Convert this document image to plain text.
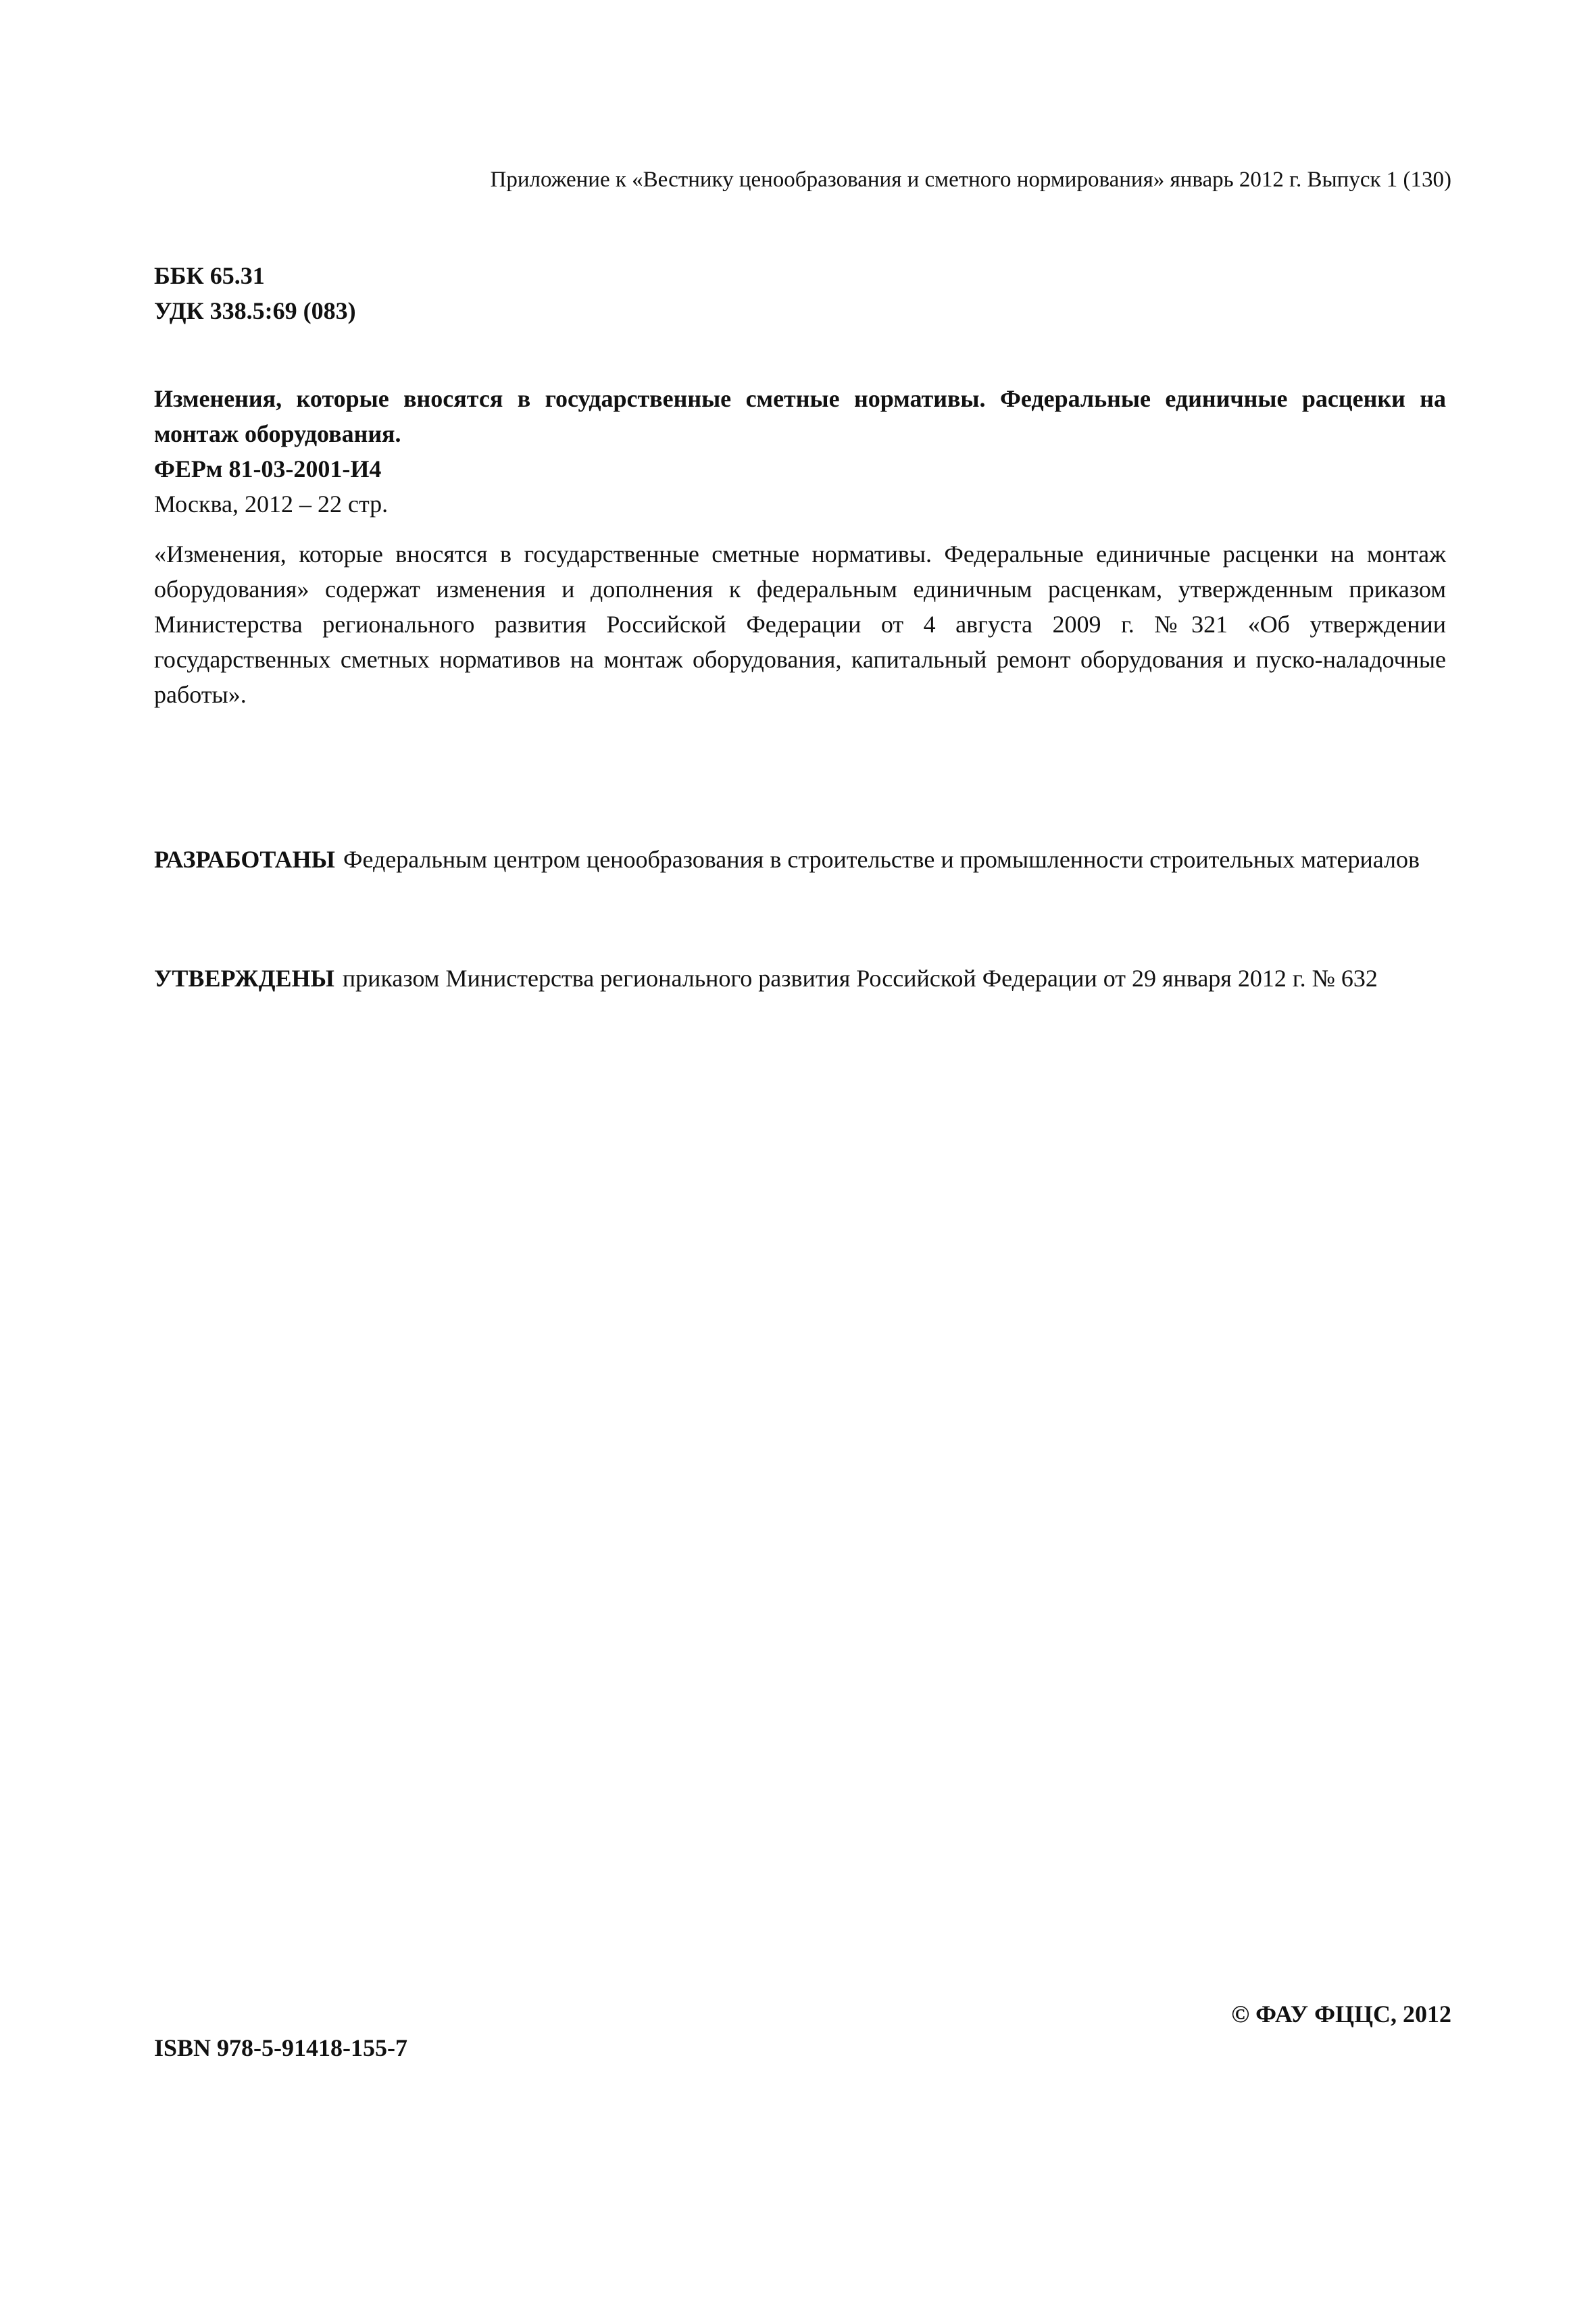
Приложение к «Вестнику ценообразования и сметного нормирования» январь 2012 г. Выпуск 1 (130)
ББК 65.31
УДК 338.5:69 (083)
Изменения, которые вносятся в государственные сметные нормативы. Федеральные единичные расценки на монтаж оборудования.
ФЕРм 81-03-2001-И4
Москва, 2012 – 22 стр.
«Изменения, которые вносятся в государственные сметные нормативы. Федеральные единичные расценки на монтаж оборудования» содержат изменения и дополнения к федеральным единичным расценкам, утвержденным приказом Министерства регионального развития Российской Федерации от 4 августа 2009 г. №321 «Об утверждении государственных сметных нормативов на монтаж оборудования, капитальный ремонт оборудования и пуско-наладочные работы».
РАЗРАБОТАНЫ Федеральным центром ценообразования в строительстве и промышленности строительных материалов
УТВЕРЖДЕНЫ приказом Министерства регионального развития Российской Федерации от 29 января 2012 г. № 632
© ФАУ ФЦЦС, 2012
ISBN 978-5-91418-155-7
